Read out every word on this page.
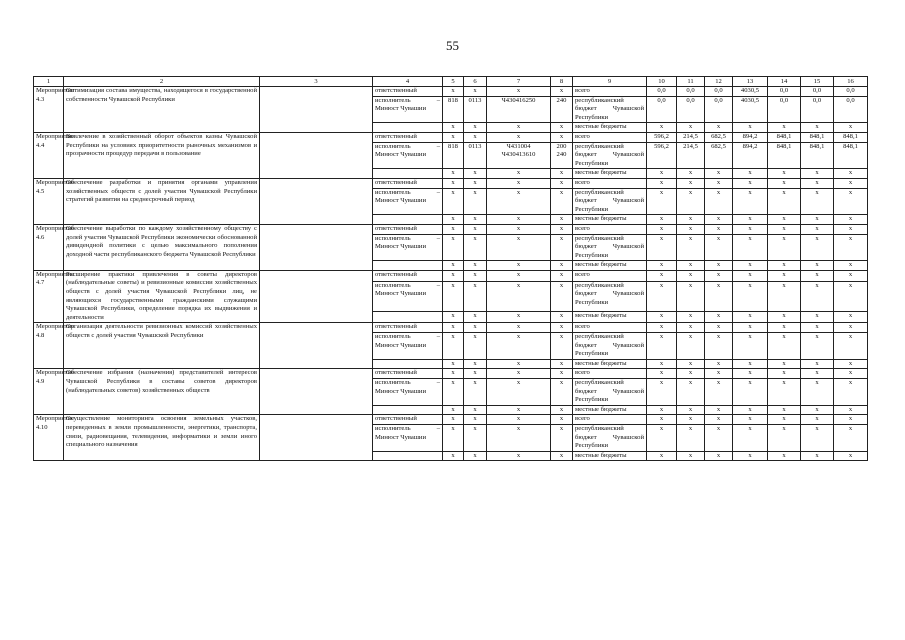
55
1	2	3	4	5	6	7	8	9	10	11	12	13	14	15	16
Мероприятие 4.3	Оптимизация состава имущества, находящегося в государственной собственности Чувашской Республики		ответственный	x	x	x	x	всего	0,0	0,0	0,0	4030,5	0,0	0,0	0,0
			исполнитель – Минюст Чувашии	818	0113	Ч430416250	240	республиканский бюджет Чувашской Республики	0,0	0,0	0,0	4030,5	0,0	0,0	0,0
				x	x	x	x	местные бюджеты	x	x	x	x	x	x	x
Мероприятие 4.4	Вовлечение в хозяйственный оборот объектов казны Чувашской Республики на условиях приоритетности рыночных механизмов и прозрачности процедур передачи в пользование		ответственный	x	x	x	x	всего	596,2	214,5	682,5	894,2	848,1	848,1	848,1
			исполнитель – Минюст Чувашии	818	0113	Ч431004 Ч430413610	200 240	республиканский бюджет Чувашской Республики	596,2	214,5	682,5	894,2	848,1	848,1	848,1
				x	x	x	x	местные бюджеты	x	x	x	x	x	x	x
Мероприятие 4.5	Обеспечение разработки и принятия органами управления хозяйственных обществ с долей участия Чувашской Республики стратегий развития на среднесрочный период		ответственный	x	x	x	x	всего	x	x	x	x	x	x	x
			исполнитель – Минюст Чувашии	x	x	x	x	республиканский бюджет Чувашской Республики	x	x	x	x	x	x	x
				x	x	x	x	местные бюджеты	x	x	x	x	x	x	x
Мероприятие 4.6	Обеспечение выработки по каждому хозяйственному обществу с долей участия Чувашской Республики экономически обоснованной дивидендной политики с целью максимального пополнения доходной части республиканского бюджета Чувашской Республики		ответственный	x	x	x	x	всего	x	x	x	x	x	x	x
			исполнитель – Минюст Чувашии	x	x	x	x	республиканский бюджет Чувашской Республики	x	x	x	x	x	x	x
				x	x	x	x	местные бюджеты	x	x	x	x	x	x	x
Мероприятие 4.7	Расширение практики привлечения в советы директоров (наблюдательные советы) и ревизионные комиссии хозяйственных обществ с долей участия Чувашской Республики лиц, не являющихся государственными гражданскими служащими Чувашской Республики, определение порядка их выдвижения и деятельности		ответственный	x	x	x	x	всего	x	x	x	x	x	x	x
			исполнитель – Минюст Чувашии	x	x	x	x	республиканский бюджет Чувашской Республики	x	x	x	x	x	x	x
				x	x	x	x	местные бюджеты	x	x	x	x	x	x	x
Мероприятие 4.8	Организация деятельности ревизионных комиссий хозяйственных обществ с долей участия Чувашской Республики		ответственный	x	x	x	x	всего	x	x	x	x	x	x	x
			исполнитель – Минюст Чувашии	x	x	x	x	республиканский бюджет Чувашской Республики	x	x	x	x	x	x	x
				x	x	x	x	местные бюджеты	x	x	x	x	x	x	x
Мероприятие 4.9	Обеспечение избрания (назначения) представителей интересов Чувашской Республики в составы советов директоров (наблюдательных советов) хозяйственных обществ		ответственный	x	x	x	x	всего	x	x	x	x	x	x	x
			исполнитель – Минюст Чувашии	x	x	x	x	республиканский бюджет Чувашской Республики	x	x	x	x	x	x	x
				x	x	x	x	местные бюджеты	x	x	x	x	x	x	x
Мероприятие 4.10	Осуществление мониторинга освоения земельных участков, переведенных в земли промышленности, энергетики, транспорта, связи, радиовещания, телевидения, информатики и земли иного специального назначения		ответственный	x	x	x	x	всего	x	x	x	x	x	x	x
			исполнитель – Минюст Чувашии	x	x	x	x	республиканский бюджет Чувашской Республики	x	x	x	x	x	x	x
				x	x	x	x	местные бюджеты	x	x	x	x	x	x	x
